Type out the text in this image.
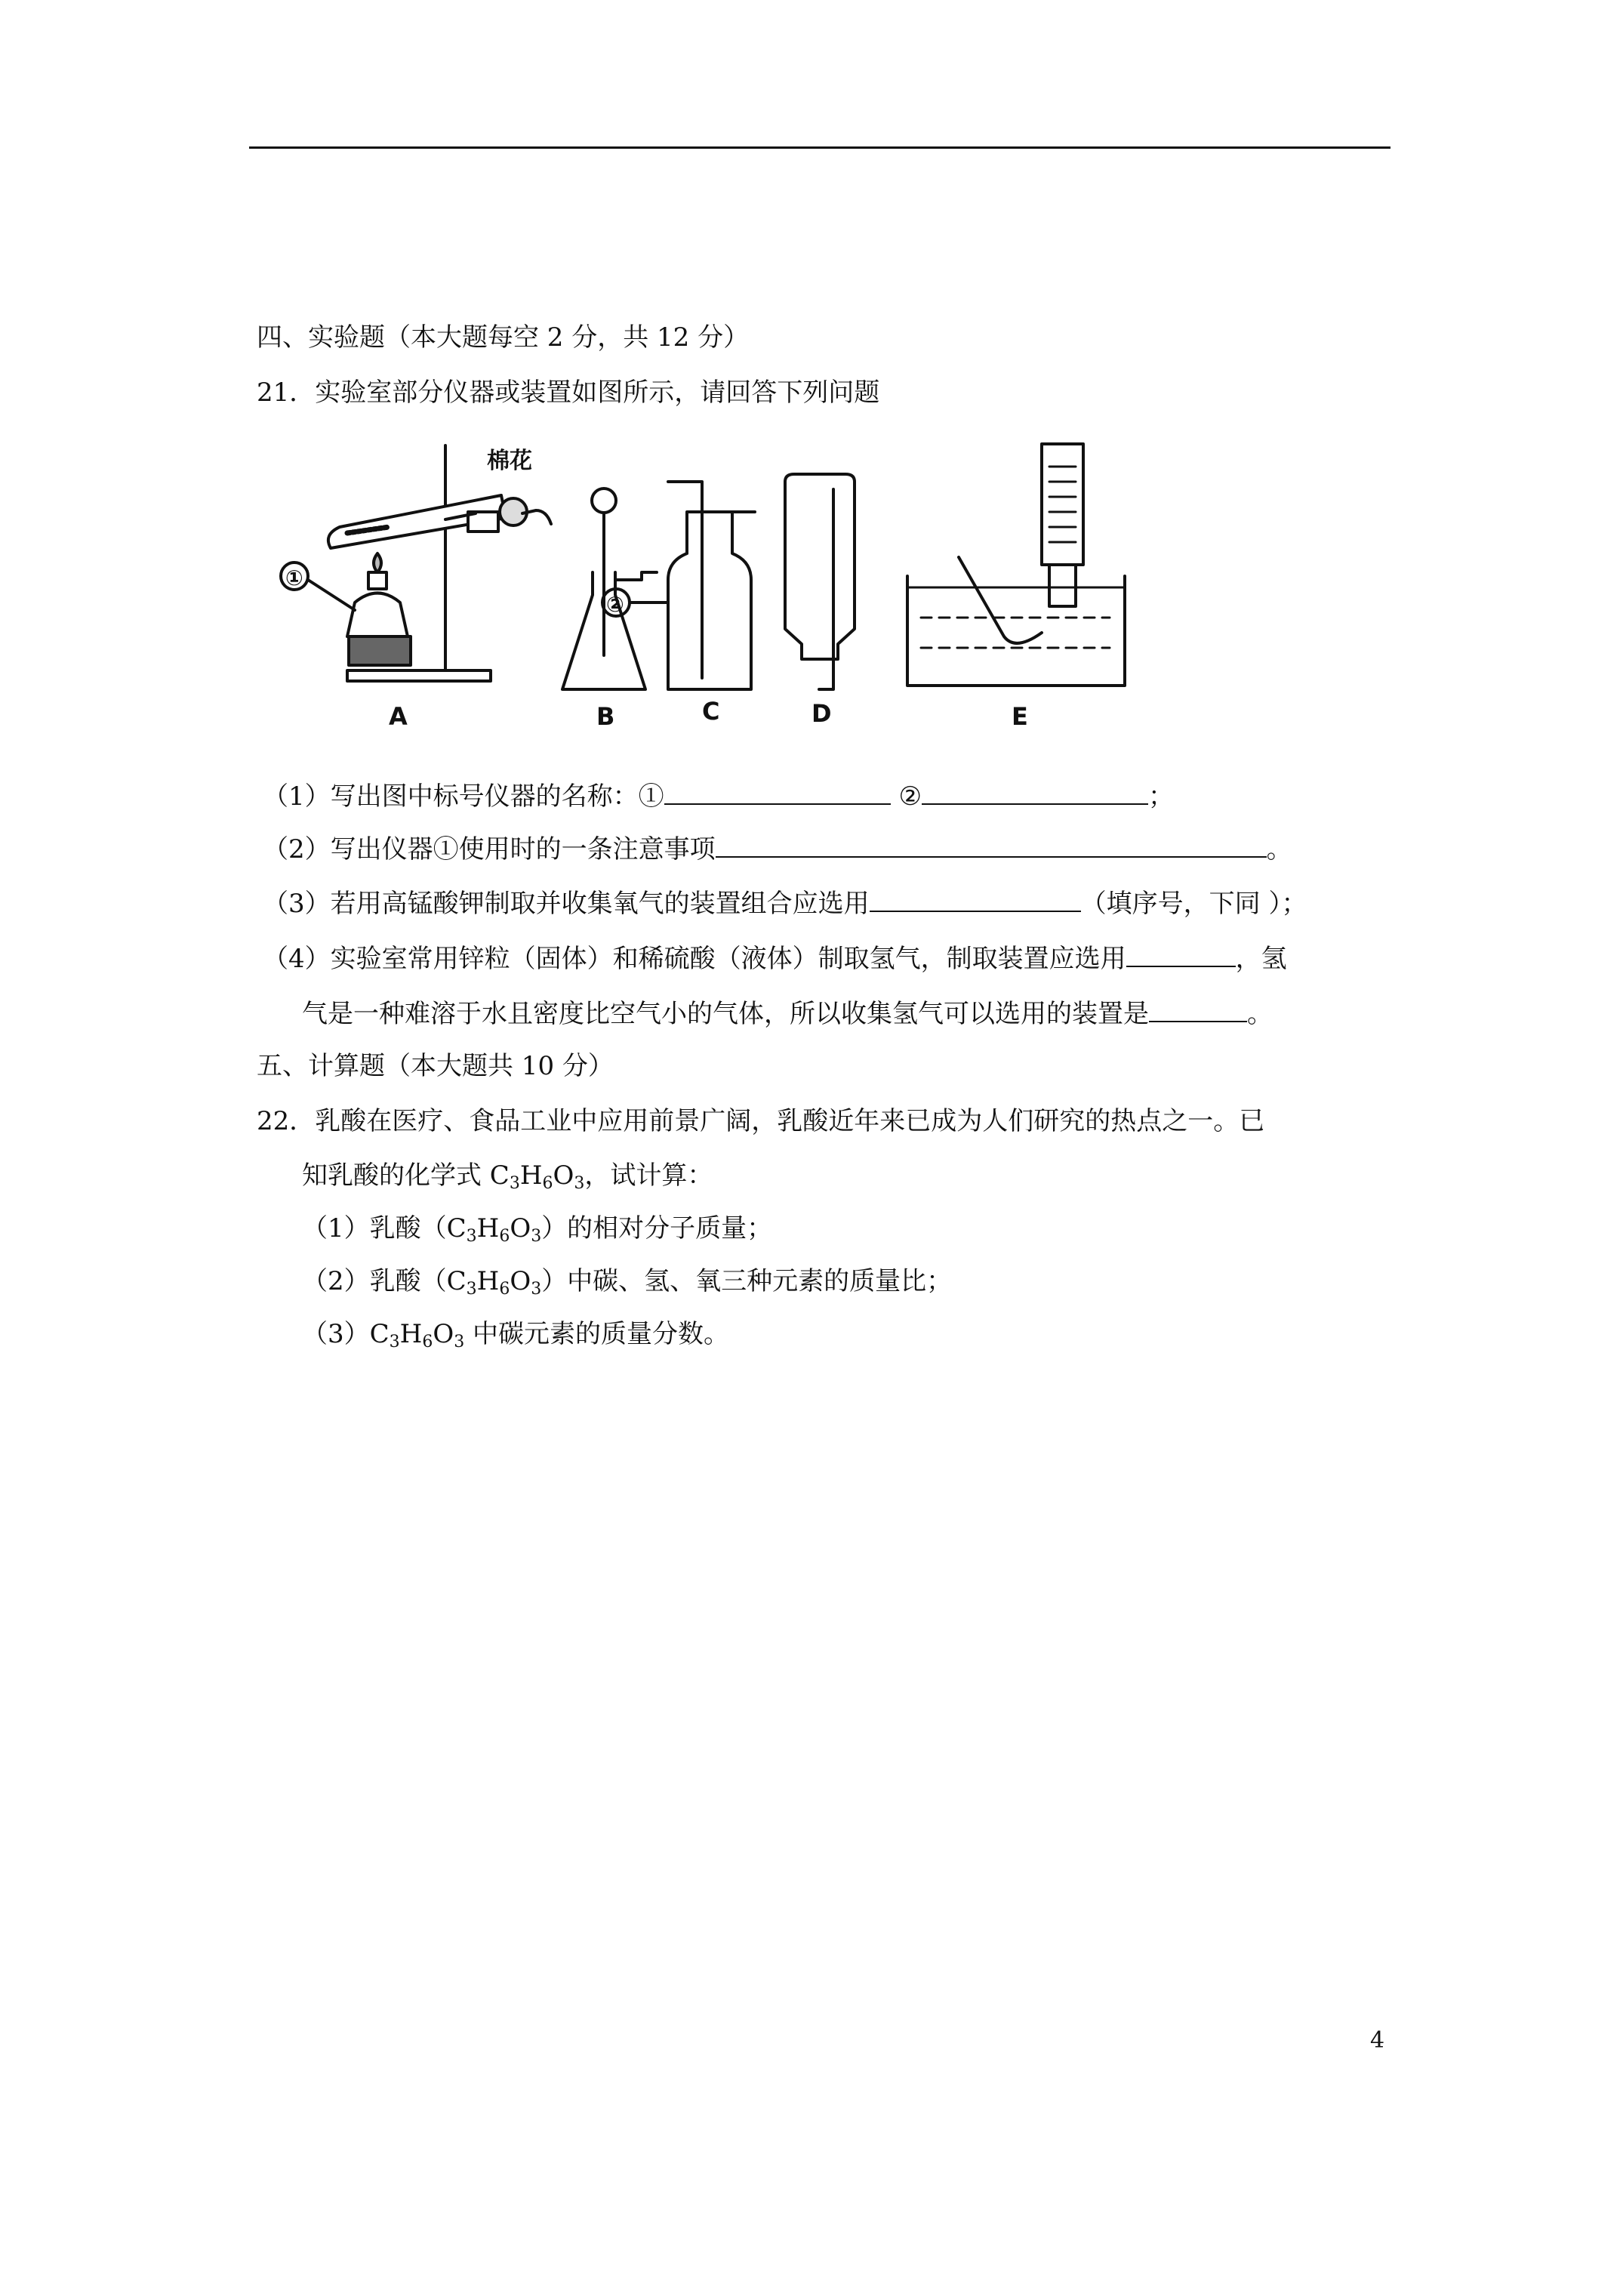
四、实验题（本大题每空 2 分，共 12 分）
21．实验室部分仪器或装置如图所示，请回答下列问题
棉花
①
②
A	B	C	D	E
（1）写出图中标号仪器的名称：①	②	；
（2）写出仪器①使用时的一条注意事项	。
（3）若用高锰酸钾制取并收集氧气的装置组合应选用	（填序号，下同 ）；
（4）实验室常用锌粒（固体）和稀硫酸（液体）制取氢气，制取装置应选用	，氢
气是一种难溶于水且密度比空气小的气体，所以收集氢气可以选用的装置是	。
五、计算题（本大题共 10 分）
22．乳酸在医疗、食品工业中应用前景广阔，乳酸近年来已成为人们研究的热点之一。已
知乳酸的化学式 $C_3H_6O_3$，试计算：
（1）乳酸$(C_3H_6O_3)$的相对分子质量；
（2）乳酸$(C_3H_6O_3)$中碳、氢、氧三种元素的质量比；
$(3)C_3H_6O_3$ 中碳元素的质量分数。
4
